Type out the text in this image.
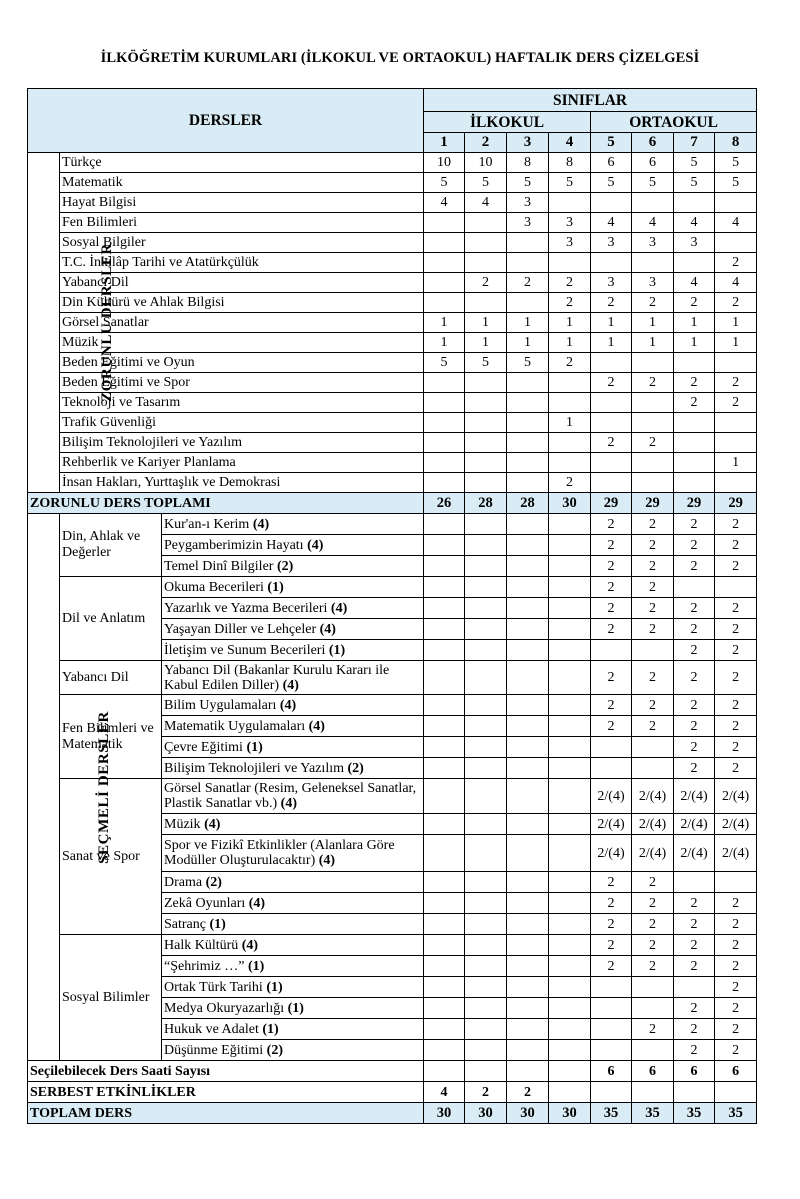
İLKÖĞRETİM KURUMLARI (İLKOKUL VE ORTAOKUL) HAFTALIK DERS ÇİZELGESİ
DERSLER			SINIFLAR							
			İLKOKUL				ORTAOKUL			
			1	2	3	4	5	6	7	8
ZORUNLU DERSLER	Türkçe		10	10	8	8	6	6	5	5
	Matematik		5	5	5	5	5	5	5	5
	Hayat Bilgisi		4	4	3					
	Fen Bilimleri				3	3	4	4	4	4
	Sosyal Bilgiler					3	3	3	3	
	T.C. İnkılâp Tarihi ve Atatürkçülük									2
	Yabancı Dil			2	2	2	3	3	4	4
	Din Kültürü ve Ahlak Bilgisi					2	2	2	2	2
	Görsel Sanatlar		1	1	1	1	1	1	1	1
	Müzik		1	1	1	1	1	1	1	1
	Beden Eğitimi ve Oyun		5	5	5	2				
	Beden Eğitimi ve Spor						2	2	2	2
	Teknoloji ve Tasarım								2	2
	Trafik Güvenliği					1				
	Bilişim Teknolojileri ve Yazılım						2	2		
	Rehberlik ve Kariyer Planlama									1
	İnsan Hakları, Yurttaşlık ve Demokrasi					2				
ZORUNLU DERS TOPLAMI			26	28	28	30	29	29	29	29
SEÇMELİ DERSLER	Din, Ahlak ve Değerler	Kur'an-ı Kerim (4)					2	2	2	2
		Peygamberimizin Hayatı (4)					2	2	2	2
		Temel Dinî Bilgiler (2)					2	2	2	2
	Dil ve Anlatım	Okuma Becerileri (1)					2	2		
		Yazarlık ve Yazma Becerileri (4)					2	2	2	2
		Yaşayan Diller ve Lehçeler (4)					2	2	2	2
		İletişim ve Sunum Becerileri (1)							2	2
	Yabancı Dil	Yabancı Dil (Bakanlar Kurulu Kararı ile Kabul Edilen Diller) (4)					2	2	2	2
	Fen Bilimleri ve Matematik	Bilim Uygulamaları (4)					2	2	2	2
		Matematik Uygulamaları (4)					2	2	2	2
		Çevre Eğitimi (1)							2	2
		Bilişim Teknolojileri ve Yazılım (2)							2	2
	Sanat ve Spor	Görsel Sanatlar (Resim, Geleneksel Sanatlar, Plastik Sanatlar vb.) (4)					2/(4)	2/(4)	2/(4)	2/(4)
		Müzik (4)					2/(4)	2/(4)	2/(4)	2/(4)
		Spor ve Fizikî Etkinlikler (Alanlara Göre Modüller Oluşturulacaktır) (4)					2/(4)	2/(4)	2/(4)	2/(4)
		Drama (2)					2	2		
		Zekâ Oyunları (4)					2	2	2	2
		Satranç (1)					2	2	2	2
	Sosyal Bilimler	Halk Kültürü (4)					2	2	2	2
		“Şehrimiz …” (1)					2	2	2	2
		Ortak Türk Tarihi (1)								2
		Medya Okuryazarlığı (1)							2	2
		Hukuk ve Adalet (1)						2	2	2
		Düşünme Eğitimi (2)							2	2
Seçilebilecek Ders Saati Sayısı							6	6	6	6
SERBEST ETKİNLİKLER			4	2	2					
TOPLAM DERS			30	30	30	30	35	35	35	35
